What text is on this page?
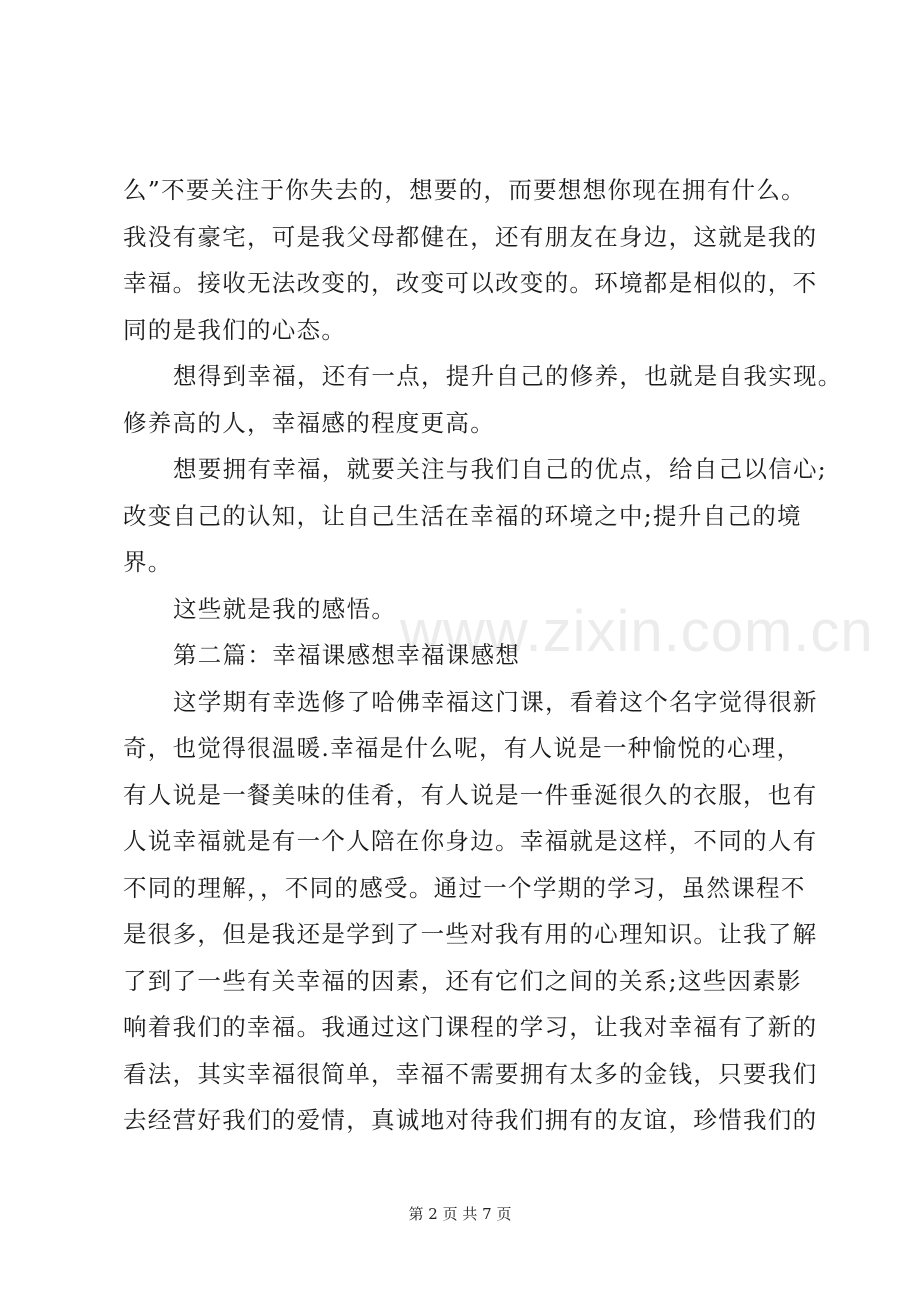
么”不要关注于你失去的，想要的，而要想想你现在拥有什么。
我没有豪宅，可是我父母都健在，还有朋友在身边，这就是我的
幸福。接收无法改变的，改变可以改变的。环境都是相似的，不
同的是我们的心态。
想得到幸福，还有一点，提升自己的修养，也就是自我实现。
修养高的人，幸福感的程度更高。
想要拥有幸福，就要关注与我们自己的优点，给自己以信心;
改变自己的认知，让自己生活在幸福的环境之中;提升自己的境
界。
这些就是我的感悟。 www.zixin.com.cn
第二篇：幸福课感想幸福课感想
这学期有幸选修了哈佛幸福这门课，看着这个名字觉得很新
奇，也觉得很温暖.幸福是什么呢，有人说是一种愉悦的心理，
有人说是一餐美味的佳肴，有人说是一件垂涎很久的衣服，也有
人说幸福就是有一个人陪在你身边。幸福就是这样，不同的人有
不同的理解，，不同的感受。通过一个学期的学习，虽然课程不
是很多，但是我还是学到了一些对我有用的心理知识。让我了解
了到了一些有关幸福的因素，还有它们之间的关系;这些因素影
响着我们的幸福。我通过这门课程的学习，让我对幸福有了新的
看法，其实幸福很简单，幸福不需要拥有太多的金钱，只要我们
去经营好我们的爱情，真诚地对待我们拥有的友谊，珍惜我们的
第 2 页 共 7 页
